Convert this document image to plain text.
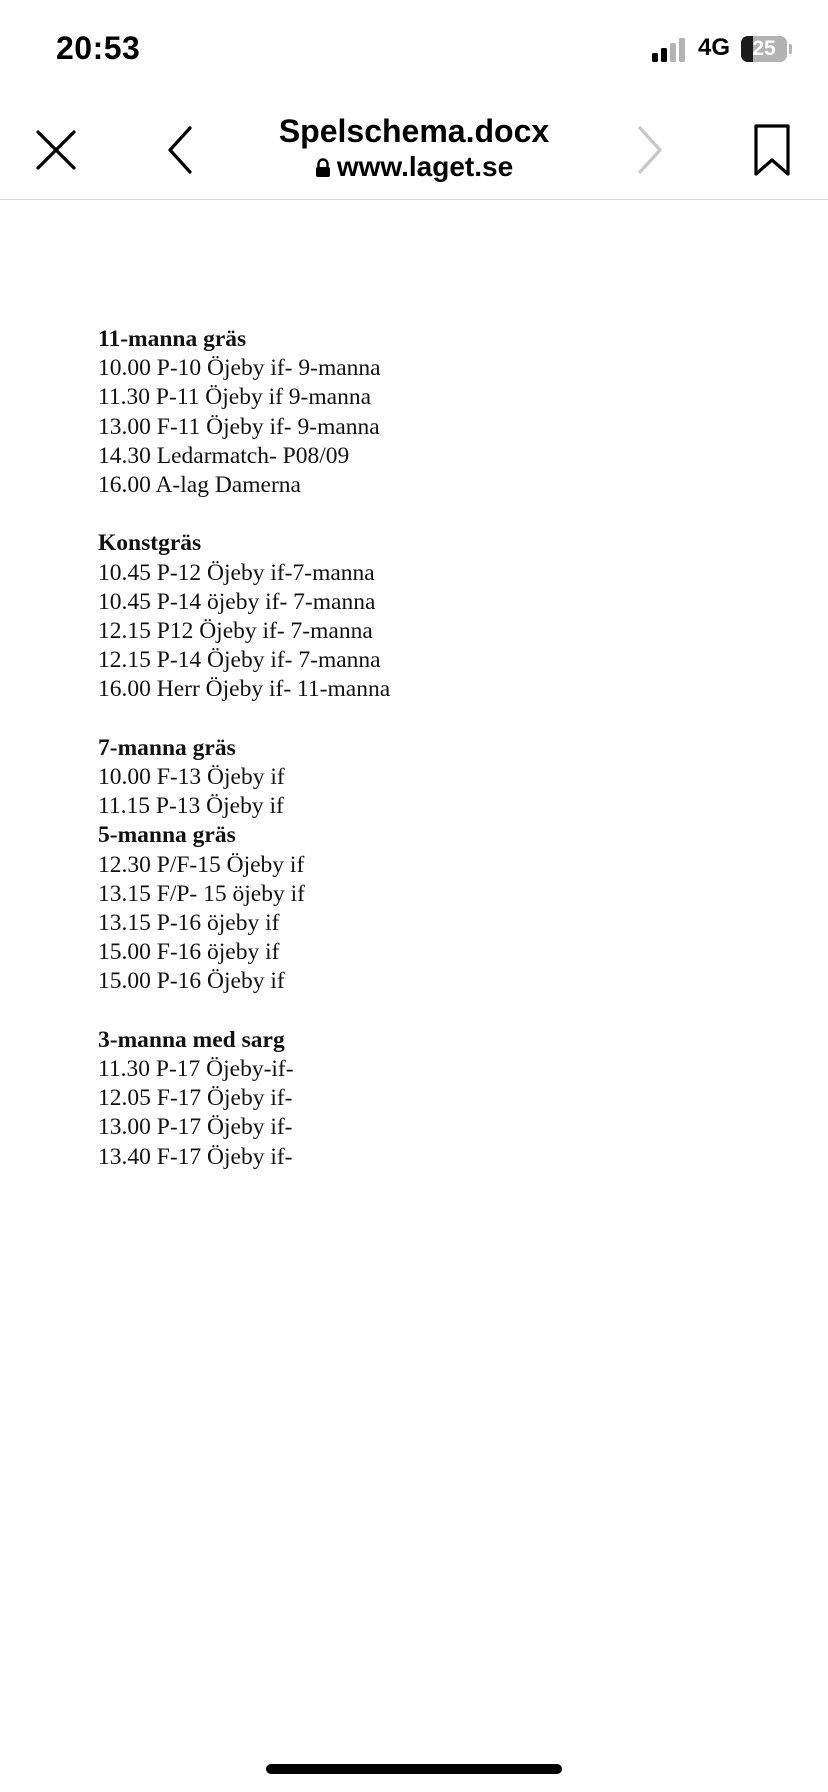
20:53	4G	25
Spelschema.docx
www.laget.se

11-manna gräs

10.00 P-10 Öjeby if- 9-manna

11.30 P-11 Öjeby if 9-manna

13.00 F-11 Öjeby if- 9-manna

14.30 Ledarmatch- P08/09

16.00 A-lag Damerna

Konstgräs

10.45 P-12 Öjeby if-7-manna

10.45 P-14 öjeby if- 7-manna

12.15 P12 Öjeby if- 7-manna

12.15 P-14 Öjeby if- 7-manna

16.00 Herr Öjeby if- 11-manna

7-manna gräs

10.00 F-13 Öjeby if

11.15 P-13 Öjeby if

5-manna gräs

12.30 P/F-15 Öjeby if

13.15 F/P- 15 öjeby if

13.15 P-16 öjeby if

15.00 F-16 öjeby if

15.00 P-16 Öjeby if

3-manna med sarg

11.30 P-17 Öjeby-if-

12.05 F-17 Öjeby if-

13.00 P-17 Öjeby if-

13.40 F-17 Öjeby if-
